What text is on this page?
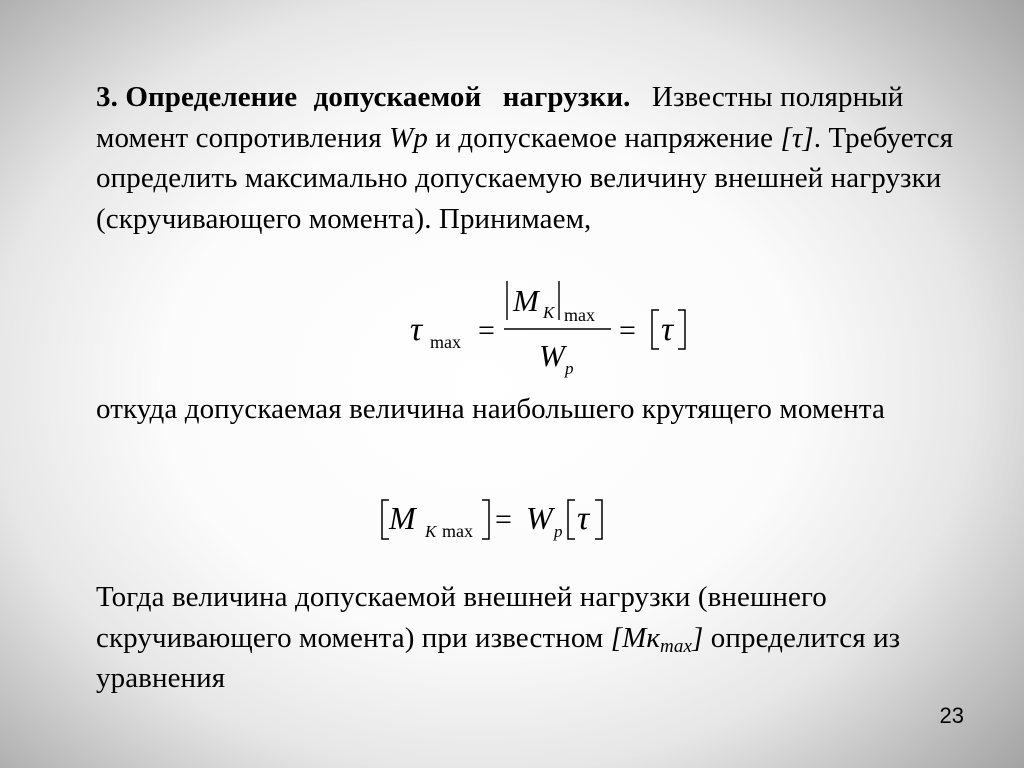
3. Определение допускаемой нагрузки. Известны полярный момент сопротивления Wp и допускаемое напряжение [τ]. Требуется определить максимально допускаемую величину внешней нагрузки (скручивающего момента). Принимаем,
τ max =
M K max
W p
= τ
откуда допускаемая величина наибольшего крутящего момента
M K max = W p τ
Тогда величина допускаемой внешней нагрузки (внешнего скручивающего момента) при известном $[Мк_{max}]$ определится из уравнения
23
